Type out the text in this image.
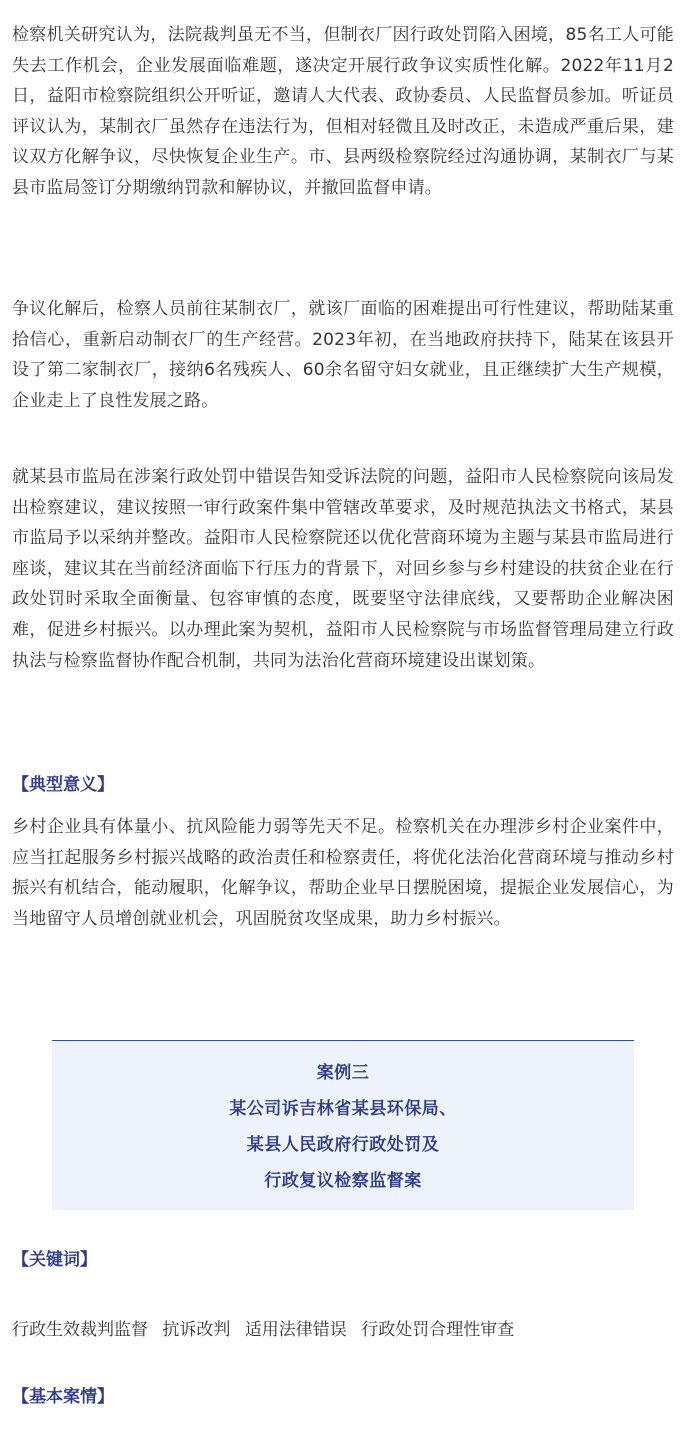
检察机关研究认为，法院裁判虽无不当，但制衣厂因行政处罚陷入困境，85名工人可能失去工作机会，企业发展面临难题，遂决定开展行政争议实质性化解。2022年11月2日，益阳市检察院组织公开听证，邀请人大代表、政协委员、人民监督员参加。听证员评议认为，某制衣厂虽然存在违法行为，但相对轻微且及时改正，未造成严重后果，建议双方化解争议，尽快恢复企业生产。市、县两级检察院经过沟通协调，某制衣厂与某县市监局签订分期缴纳罚款和解协议，并撤回监督申请。

争议化解后，检察人员前往某制衣厂，就该厂面临的困难提出可行性建议，帮助陆某重拾信心，重新启动制衣厂的生产经营。2023年初，在当地政府扶持下，陆某在该县开设了第二家制衣厂，接纳6名残疾人、60余名留守妇女就业，且正继续扩大生产规模，企业走上了良性发展之路。

就某县市监局在涉案行政处罚中错误告知受诉法院的问题，益阳市人民检察院向该局发出检察建议，建议按照一审行政案件集中管辖改革要求，及时规范执法文书格式，某县市监局予以采纳并整改。益阳市人民检察院还以优化营商环境为主题与某县市监局进行座谈，建议其在当前经济面临下行压力的背景下，对回乡参与乡村建设的扶贫企业在行政处罚时采取全面衡量、包容审慎的态度，既要坚守法律底线，又要帮助企业解决困难，促进乡村振兴。以办理此案为契机，益阳市人民检察院与市场监督管理局建立行政执法与检察监督协作配合机制，共同为法治化营商环境建设出谋划策。

【典型意义】

乡村企业具有体量小、抗风险能力弱等先天不足。检察机关在办理涉乡村企业案件中，应当扛起服务乡村振兴战略的政治责任和检察责任，将优化法治化营商环境与推动乡村振兴有机结合，能动履职，化解争议，帮助企业早日摆脱困境，提振企业发展信心，为当地留守人员增创就业机会，巩固脱贫攻坚成果，助力乡村振兴。

【关键词】

行政生效裁判监督 抗诉改判 适用法律错误 行政处罚合理性审查

【基本案情】

案例三
某公司诉吉林省某县环保局、
某县人民政府行政处罚及
行政复议检察监督案
